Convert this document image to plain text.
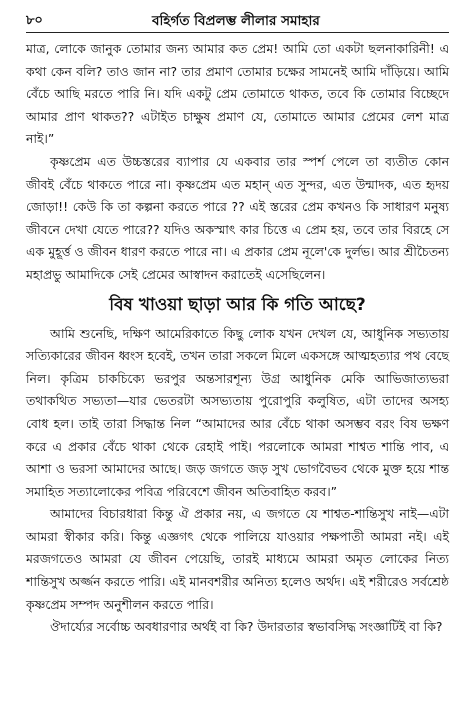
৮০	বহির্গত বিপ্রলম্ভ লীলার সমাহার

মাত্র, লোকে জানুক তোমার জন্য আমার কত প্রেম! আমি তো একটা ছলনাকারিনী! এ কথা কেন বলি? তাও জান না? তার প্রমাণ তোমার চক্ষের সামনেই আমি দাঁড়িয়ে। আমি বেঁচে আছি মরতে পারি নি। যদি একটু প্রেম তোমাতে থাকত, তবে কি তোমার বিচ্ছেদে আমার প্রাণ থাকত?? এটাইত চাক্ষুষ প্রমাণ যে, তোমাতে আমার প্রেমের লেশ মাত্র নাই।”

কৃষ্ণপ্রেম এত উচ্চস্তরের ব্যাপার যে একবার তার স্পর্শ পেলে তা ব্যতীত কোন জীবই বেঁচে থাকতে পারে না। কৃষ্ণপ্রেম এত মহান্‌ এত সুন্দর, এত উন্মাদক, এত হৃদয় জোড়া!! কেউ কি তা কল্পনা করতে পারে ?? এই স্তরের প্রেম কখনও কি সাধারণ মনুষ্য জীবনে দেখা যেতে পারে?? যদিও অকস্মাৎ কার চিত্তে এ প্রেম হয়, তবে তার বিরহে সে এক মুহূর্ত্ত ও জীবন ধারণ করতে পারে না। এ প্রকার প্রেম নূলে'কে দুর্লভ। আর শ্রীচৈতন্য মহাপ্রভু আমাদিকে সেই প্রেমের আস্বাদন করাতেই এসেছিলেন।

বিষ খাওয়া ছাড়া আর কি গতি আছে?

আমি শুনেছি, দক্ষিণ আমেরিকাতে কিছু লোক যখন দেখল যে, আধুনিক সভ্যতায় সত্যিকারের জীবন ধ্বংস হবেই, তখন তারা সকলে মিলে একসঙ্গে আত্মহত্যার পথ বেছে নিল। কৃত্রিম চাকচিক্যে ভরপুর অন্তসারশূন্য উগ্র আধুনিক মেকি আভিজাত্যভরা তথাকথিত সভ্যতা—যার ভেতরটা অসভ্যতায় পুরোপুরি কলুষিত, এটা তাদের অসহ্য বোধ হল। তাই তারা সিদ্ধান্ত নিল “আমাদের আর বেঁচে থাকা অসম্ভব বরং বিষ ভক্ষণ করে এ প্রকার বেঁচে থাকা থেকে রেহাই পাই। পরলোকে আমরা শাশ্বত শান্তি পাব, এ আশা ও ভরসা আমাদের আছে। জড় জগতে জড় সুখ ভোগবৈভব থেকে মুক্ত হয়ে শান্ত সমাহিত সত্যালোকের পবিত্র পরিবেশে জীবন অতিবাহিত করব।”

আমাদের বিচারধারা কিন্তু ঐ প্রকার নয়, এ জগতে যে শাশ্বত-শান্তিসুখ নাই—এটা আমরা স্বীকার করি। কিন্তু এজ্ঞগৎ থেকে পালিয়ে যাওয়ার পক্ষপাতী আমরা নই। এই মরজগতেও আমরা যে জীবন পেয়েছি, তারই মাধ্যমে আমরা অমৃত লোকের নিত্য শান্তিসুখ অর্জ্জন করতে পারি। এই মানবশরীর অনিত্য হলেও অর্থদ। এই শরীরেও সর্বশ্রেষ্ঠ কৃষ্ণপ্রেম সম্পদ অনুশীলন করতে পারি।

ঔদার্য্যের সর্বোচ্চ অবধারণার অর্থই বা কি? উদারতার স্বভাবসিদ্ধ সংজ্ঞাটিই বা কি?
